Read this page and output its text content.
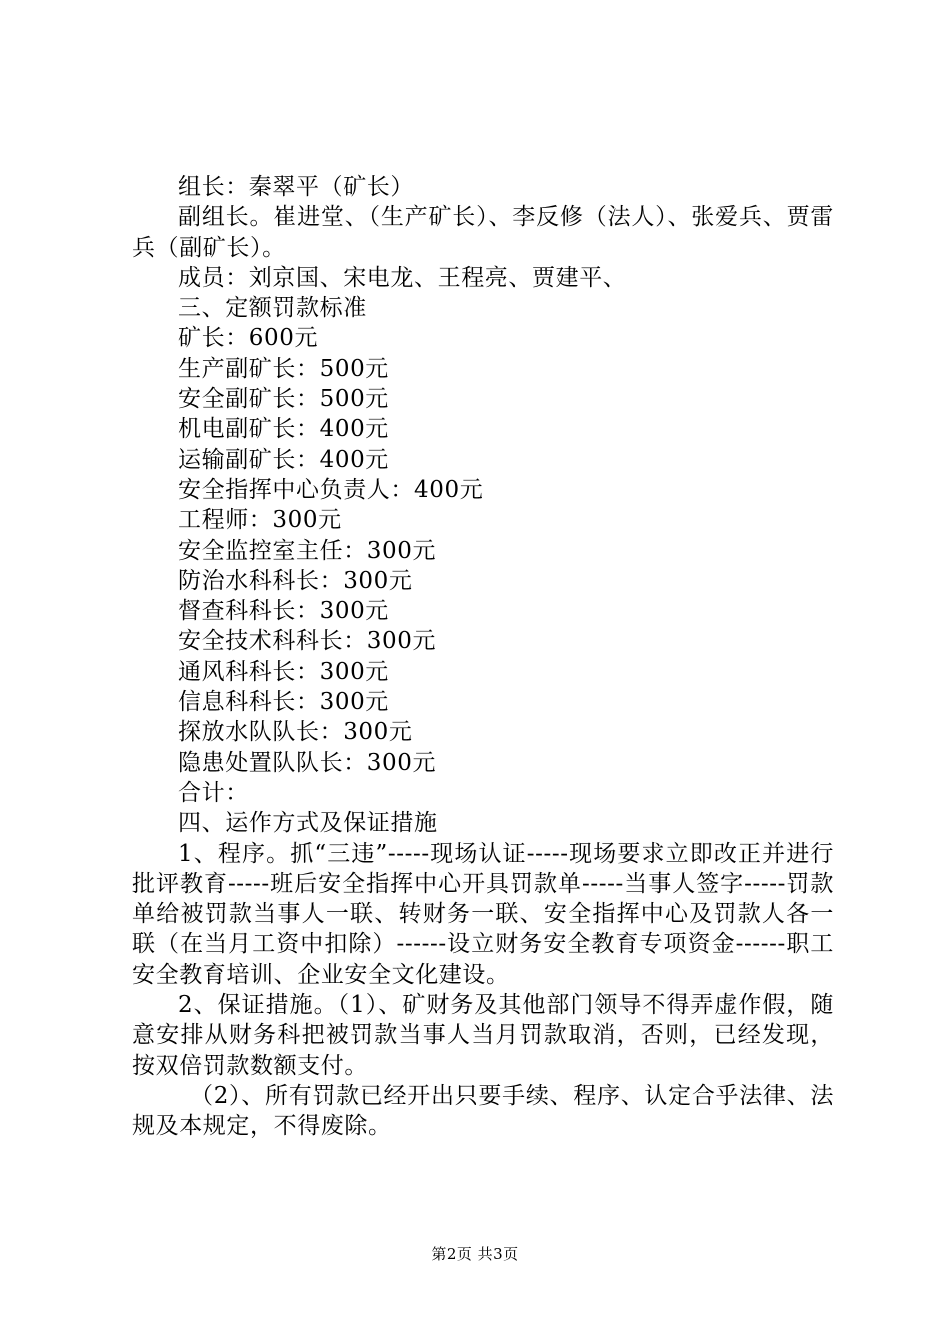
组长：秦翠平（矿长）

副组长。崔进堂、（生产矿长）、李反修（法人）、张爱兵、贾雷兵（副矿长）。

成员：刘京国、宋电龙、王程亮、贾建平、

三、定额罚款标准

矿长：600元

生产副矿长：500元

安全副矿长：500元

机电副矿长：400元

运输副矿长：400元

安全指挥中心负责人：400元

工程师：300元

安全监控室主任：300元

防治水科科长：300元

督查科科长：300元

安全技术科科长：300元

通风科科长：300元

信息科科长：300元

探放水队队长：300元

隐患处置队队长：300元

合计：

四、运作方式及保证措施

1、程序。抓“三违”-----现场认证-----现场要求立即改正并进行批评教育-----班后安全指挥中心开具罚款单-----当事人签字-----罚款单给被罚款当事人一联、转财务一联、安全指挥中心及罚款人各一联（在当月工资中扣除）------设立财务安全教育专项资金------职工安全教育培训、企业安全文化建设。

2、保证措施。（1）、矿财务及其他部门领导不得弄虚作假，随意安排从财务科把被罚款当事人当月罚款取消，否则，已经发现，按双倍罚款数额支付。

（2）、所有罚款已经开出只要手续、程序、认定合乎法律、法规及本规定，不得废除。

第2页 共3页
